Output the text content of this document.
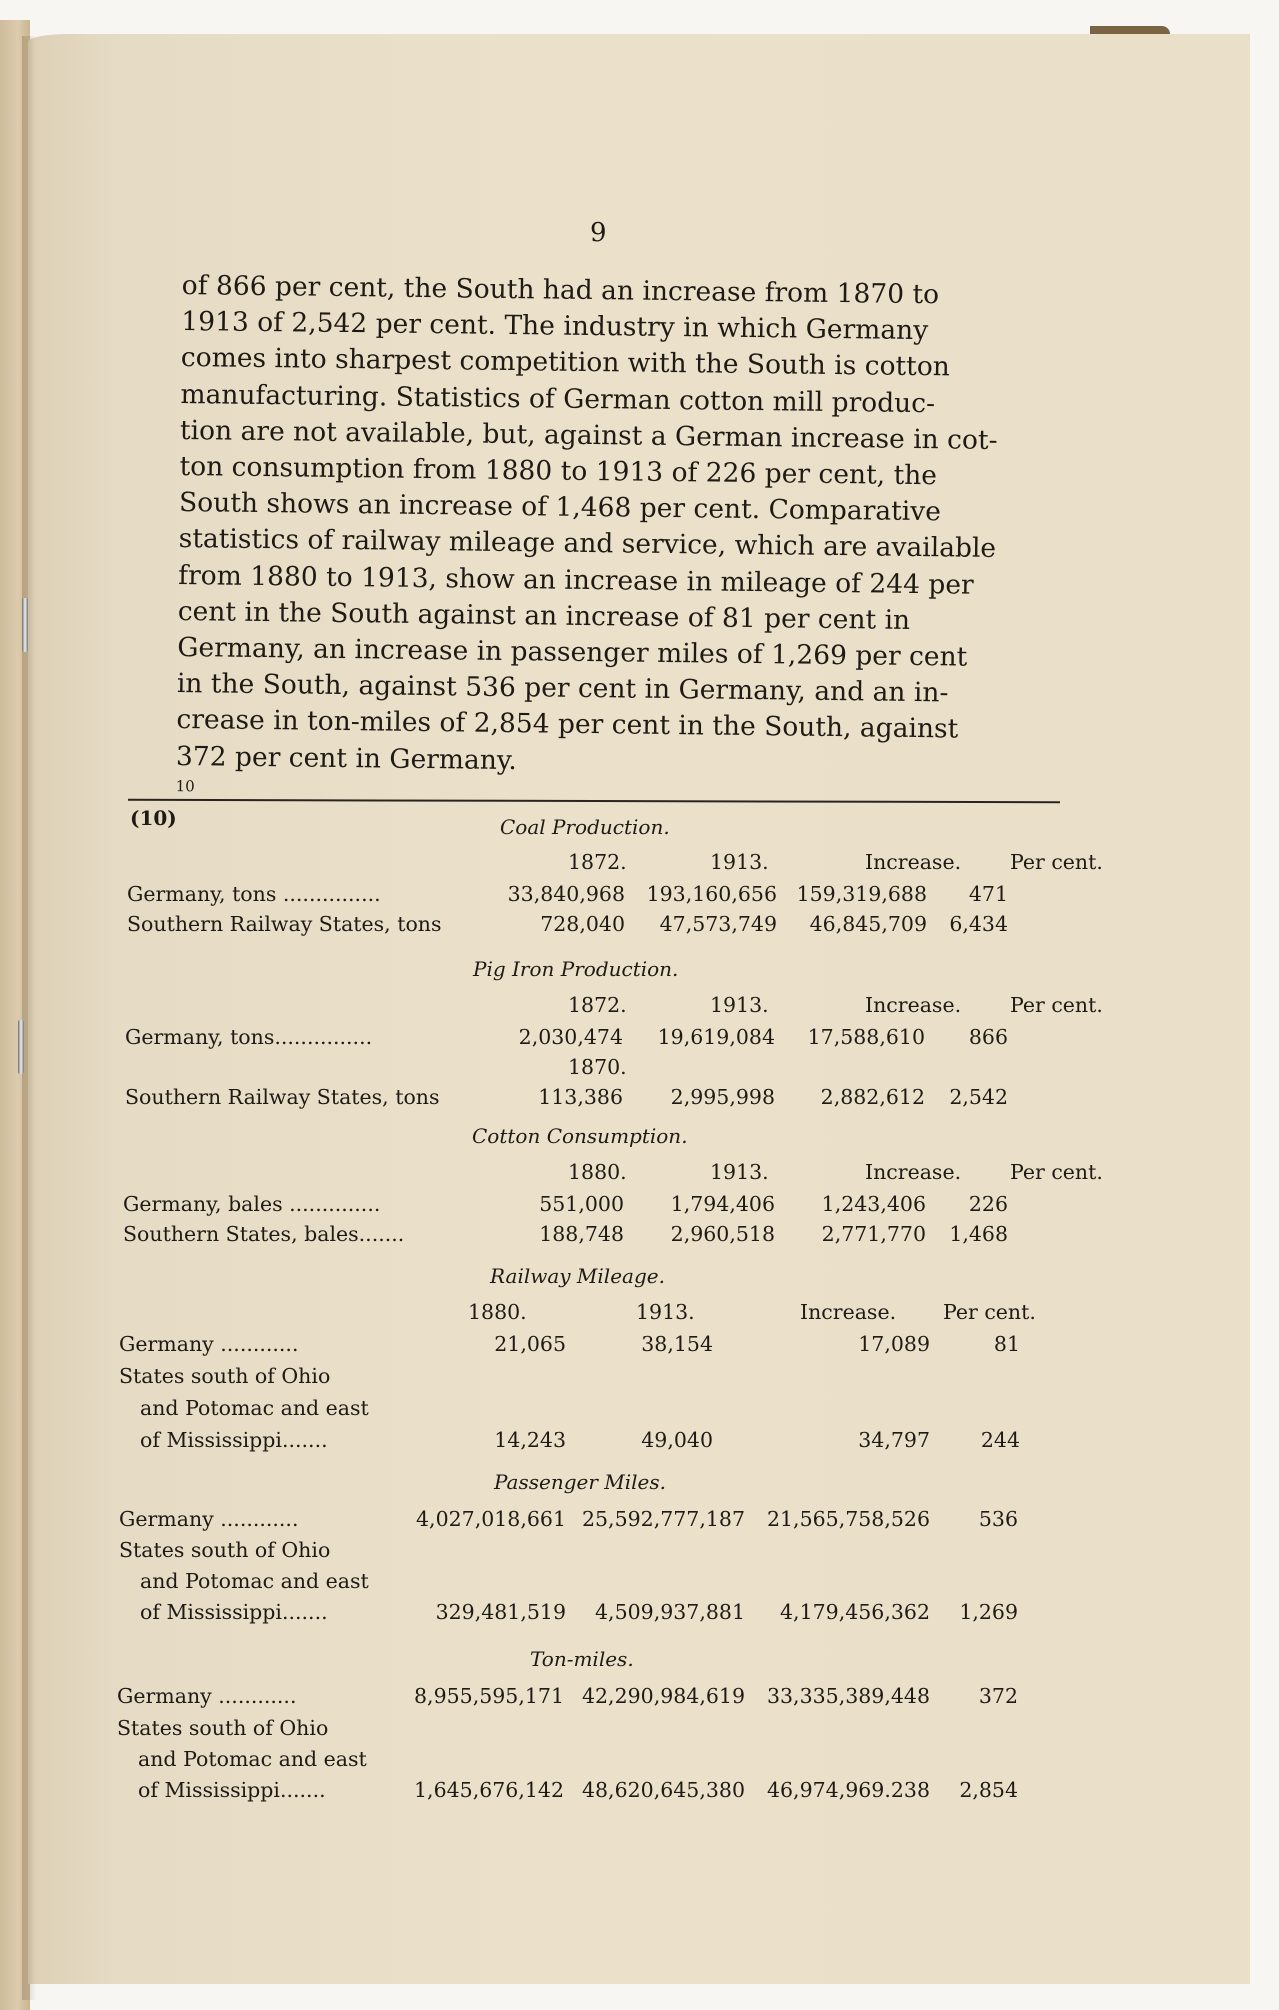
9
of 866 per cent, the South had an increase from 1870 to
1913 of 2,542 per cent. The industry in which Germany
comes into sharpest competition with the South is cotton
manufacturing. Statistics of German cotton mill produc-
tion are not available, but, against a German increase in cot-
ton consumption from 1880 to 1913 of 226 per cent, the
South shows an increase of 1,468 per cent. Comparative
statistics of railway mileage and service, which are available
from 1880 to 1913, show an increase in mileage of 244 per
cent in the South against an increase of 81 per cent in
Germany, an increase in passenger miles of 1,269 per cent
in the South, against 536 per cent in Germany, and an in-
crease in ton-miles of 2,854 per cent in the South, against
372 per cent in Germany.
$^{10}$
(10)	Coal Production.
1872.	1913.	Increase. Per cent.
Germany, tons ...............	33,840,968	193,160,656 159,319,688	471
Southern Railway States, tons	728,040	47,573,749	46,845,709	6,434
Pig Iron Production.
1872.	1913.	Increase. Per cent.
Germany, tons...............	2,030,474	19,619,084	17,588,610	866
Southern Railway States, tons
1870.
113,386	2,995,998	2,882,612	2,542
Cotton Consumption.
1880.	1913.	Increase. Per cent.
Germany, bales ..............	551,000	1,794,406	1,243,406	226
Southern States, bales.......	188,748	2,960,518	2,771,770	1,468
Railway Mileage.
1880.	1913.	Increase. Per cent.
Germany ............	21,065	38,154	17,089	81
States south of Ohio
and Potomac and east
of Mississippi.......	14,243	49,040	34,797	244
Passenger Miles.
Germany ............	4,027,018,661 25,592,777,187	21,565,758,526	536
States south of Ohio
and Potomac and east
of Mississippi.......	329,481,519	4,509,937,881	4,179,456,362	1,269
Ton-miles.
Germany ............	8,955,595,171 42,290,984,619	33,335,389,448	372
States south of Ohio
and Potomac and east
of Mississippi.......	1,645,676,142 48,620,645,380	46,974,969.238	2,854
